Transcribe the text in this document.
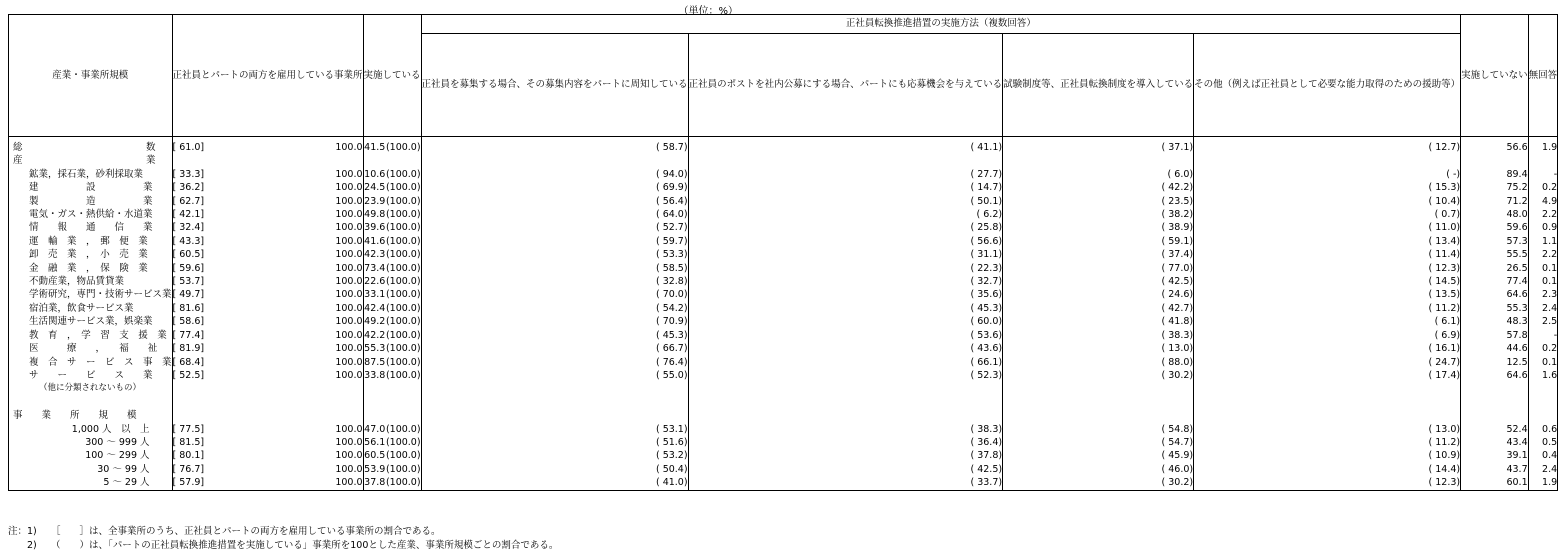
（単位：%）
産業・事業所規模	正社員とパートの両方を雇用している事業所		実施している		正社員転換推進措置の実施方法（複数回答）				実施していない	無回答
					正社員を募集する場合、その募集内容をパートに周知している	正社員のポストを社内公募にする場合、パートにも応募機会を与えている	試験制度等、正社員転換制度を導入している	その他（例えば正社員として必要な能力取得のための援助等）		

総　　　　　　　　　　　　　数	[ 61.0]	100.0	41.5	(100.0)	( 58.7)	( 41.1)	( 37.1)	( 12.7)	56.6	1.9

産　　　　　　　　　　　　　業										

鉱業，採石業，砂利採取業	[ 33.3]	100.0	10.6	(100.0)	( 94.0)	( 27.7)	( 6.0)	( -)	89.4	-

建　　　　　設　　　　　業	[ 36.2]	100.0	24.5	(100.0)	( 69.9)	( 14.7)	( 42.2)	( 15.3)	75.2	0.2

製　　　　　造　　　　　業	[ 62.7]	100.0	23.9	(100.0)	( 56.4)	( 50.1)	( 23.5)	( 10.4)	71.2	4.9

電気・ガス・熱供給・水道業	[ 42.1]	100.0	49.8	(100.0)	( 64.0)	( 6.2)	( 38.2)	( 0.7)	48.0	2.2

情　　報　　通　　信　　業	[ 32.4]	100.0	39.6	(100.0)	( 52.7)	( 25.8)	( 38.9)	( 11.0)	59.6	0.9

運　輸　業　，　郵　便　業	[ 43.3]	100.0	41.6	(100.0)	( 59.7)	( 56.6)	( 59.1)	( 13.4)	57.3	1.1

卸　売　業　，　小　売　業	[ 60.5]	100.0	42.3	(100.0)	( 53.3)	( 31.1)	( 37.4)	( 11.4)	55.5	2.2

金　融　業　，　保　険　業	[ 59.6]	100.0	73.4	(100.0)	( 58.5)	( 22.3)	( 77.0)	( 12.3)	26.5	0.1

不動産業，物品賃貸業	[ 53.7]	100.0	22.6	(100.0)	( 32.8)	( 32.7)	( 42.5)	( 14.5)	77.4	0.1

学術研究，専門・技術サービス業	[ 49.7]	100.0	33.1	(100.0)	( 70.0)	( 35.6)	( 24.6)	( 13.5)	64.6	2.3

宿泊業，飲食サービス業	[ 81.6]	100.0	42.4	(100.0)	( 54.2)	( 45.3)	( 42.7)	( 11.2)	55.3	2.4

生活関連サービス業，娯楽業	[ 58.6]	100.0	49.2	(100.0)	( 70.9)	( 60.0)	( 41.8)	( 6.1)	48.3	2.5

教　育　，　学　習　支　援　業	[ 77.4]	100.0	42.2	(100.0)	( 45.3)	( 53.6)	( 38.3)	( 6.9)	57.8	-

医　　　療　　，　　福　　祉	[ 81.9]	100.0	55.3	(100.0)	( 66.7)	( 43.6)	( 13.0)	( 16.1)	44.6	0.2

複　合　サ　ー　ビ　ス　事　業	[ 68.4]	100.0	87.5	(100.0)	( 76.4)	( 66.1)	( 88.0)	( 24.7)	12.5	0.1

サ　　ー　　ビ　　ス　　業	[ 52.5]	100.0	33.8	(100.0)	( 55.0)	( 52.3)	( 30.2)	( 17.4)	64.6	1.6

（他に分類されないもの）										

事　　業　　所　　規　　模										

1,000 人　以　上	[ 77.5]	100.0	47.0	(100.0)	( 53.1)	( 38.3)	( 54.8)	( 13.0)	52.4	0.6

300 ～ 999 人	[ 81.5]	100.0	56.1	(100.0)	( 51.6)	( 36.4)	( 54.7)	( 11.2)	43.4	0.5

100 ～ 299 人	[ 80.1]	100.0	60.5	(100.0)	( 53.2)	( 37.8)	( 45.9)	( 10.9)	39.1	0.4

30 ～ 99 人	[ 76.7]	100.0	53.9	(100.0)	( 50.4)	( 42.5)	( 46.0)	( 14.4)	43.7	2.4

5 ～ 29 人	[ 57.9]	100.0	37.8	(100.0)	( 41.0)	( 33.7)	( 30.2)	( 12.3)	60.1	1.9
注：1)　　［　　］は、全事業所のうち、正社員とパートの両方を雇用している事業所の割合である。
　　2)　　（　　）は、「パートの正社員転換推進措置を実施している」事業所を100とした産業、事業所規模ごとの割合である。
